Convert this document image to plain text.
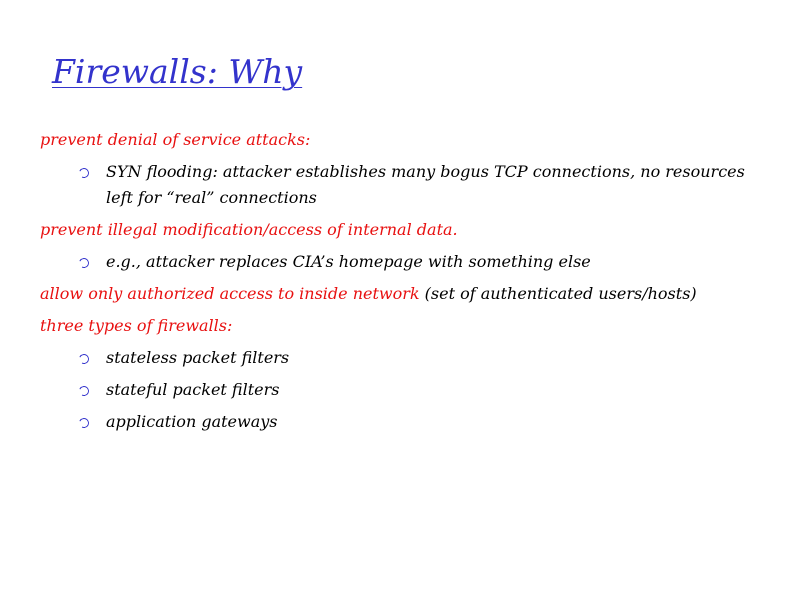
Firewalls: Why
prevent denial of service attacks:
SYN flooding: attacker establishes many bogus TCP connections, no resources left for “real” connections
prevent illegal modification/access of internal data.
e.g., attacker replaces CIA’s homepage with something else
allow only authorized access to inside network (set of authenticated users/hosts)
three types of firewalls:
stateless packet filters
stateful packet filters
application gateways
